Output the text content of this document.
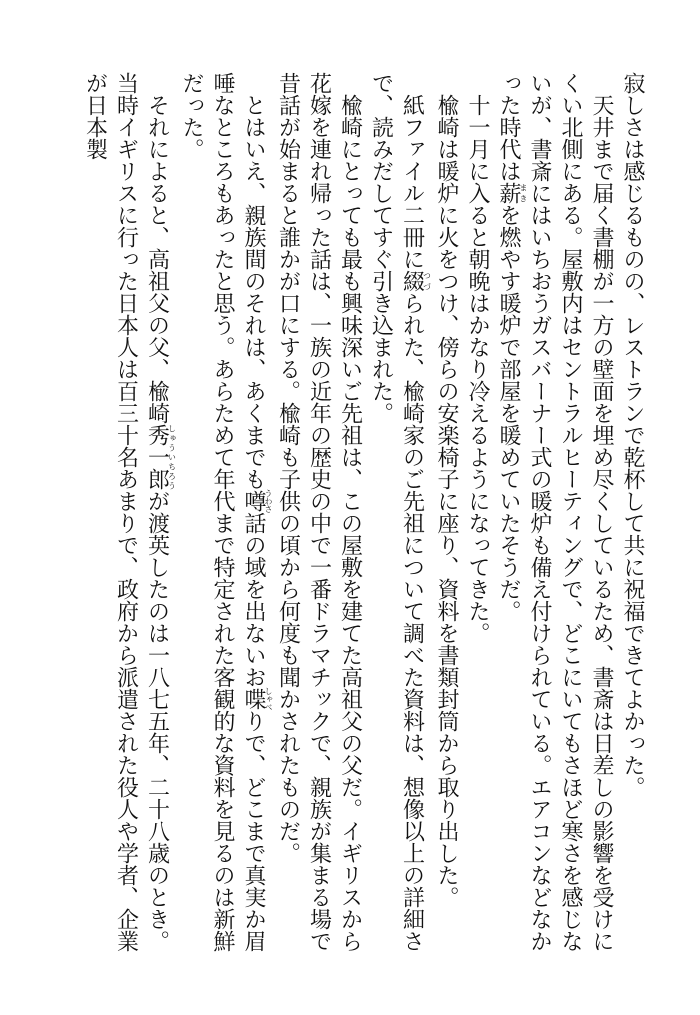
寂しさは感じるものの、レストランで乾杯して共に祝福できてよかった。

　天井まで届く書棚が一方の壁面を埋め尽くしているため、書斎は日差しの影響を受けにくい北側にある。屋敷内はセントラルヒーティングで、どこにいてもさほど寒さを感じないが、書斎にはいちおうガスバーナー式の暖炉も備え付けられている。エアコンなどなかった時代は薪まきを燃やす暖炉で部屋を暖めていたそうだ。

　十一月に入ると朝晩はかなり冷えるようになってきた。

　楡崎は暖炉に火をつけ、傍らの安楽椅子に座り、資料を書類封筒から取り出した。

　紙ファイル二冊に綴つづられた、楡崎家のご先祖について調べた資料は、想像以上の詳細さで、読みだしてすぐ引き込まれた。

　楡崎にとっても最も興味深いご先祖は、この屋敷を建てた高祖父の父だ。イギリスから花嫁を連れ帰った話は、一族の近年の歴史の中で一番ドラマチックで、親族が集まる場で昔話が始まると誰かが口にする。楡崎も子供の頃から何度も聞かされたものだ。

　とはいえ、親族間のそれは、あくまでも噂うわさ話の域を出ないお喋しゃべりで、どこまで真実か眉唾なところもあったと思う。あらためて年代まで特定された客観的な資料を見るのは新鮮だった。

　それによると、高祖父の父、楡崎秀一郎しゅういちろうが渡英したのは一八七五年、二十八歳のとき。当時イギリスに行った日本人は百三十名あまりで、政府から派遣された役人や学者、企業が日本製
